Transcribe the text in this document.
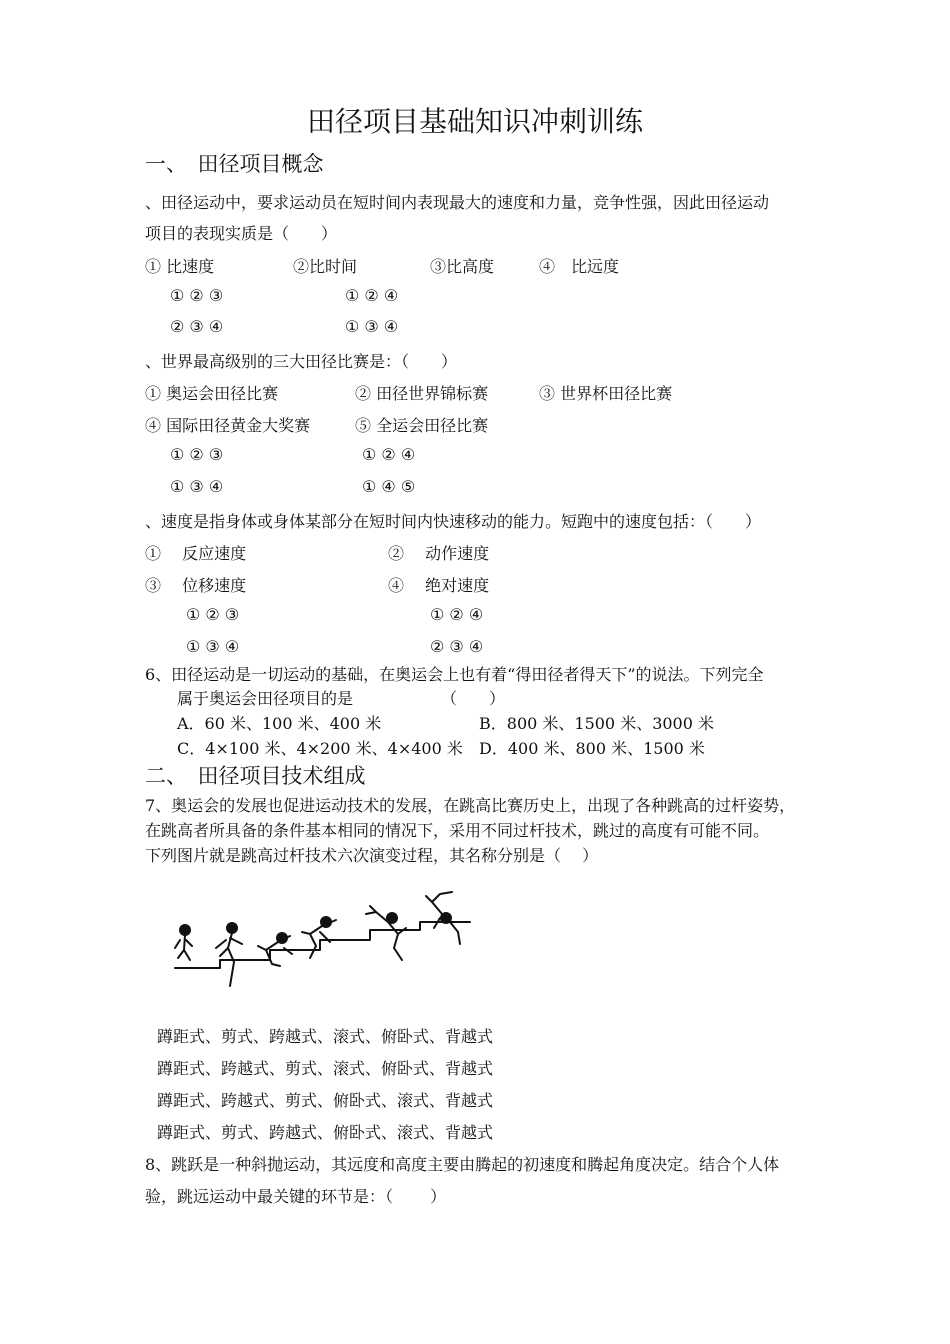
田径项目基础知识冲刺训练
一、　田径项目概念
、田径运动中，要求运动员在短时间内表现最大的速度和力量，竞争性强，因此田径运动
项目的表现实质是（　　）
① 比速度	②比时间	③比高度	④　比远度
① ② ③	① ② ④
② ③ ④	① ③ ④
、世界最高级别的三大田径比赛是：（　　）
① 奥运会田径比赛	② 田径世界锦标赛	③ 世界杯田径比赛
④ 国际田径黄金大奖赛	⑤ 全运会田径比赛
① ② ③	① ② ④
① ③ ④	① ④ ⑤
、速度是指身体或身体某部分在短时间内快速移动的能力。短跑中的速度包括：（　　）
①　 反应速度	②　 动作速度
③　 位移速度	④　 绝对速度
① ② ③	① ② ④
① ③ ④	② ③ ④
6、田径运动是一切运动的基础，在奥运会上也有着“得田径者得天下”的说法。下列完全
属于奥运会田径项目的是　　　　　　（　　）
A．60 米、100 米、400 米	B．800 米、1500 米、3000 米
C．4×100 米、4×200 米、4×400 米 D．400 米、800 米、1500 米
二、　田径项目技术组成
7、奥运会的发展也促进运动技术的发展，在跳高比赛历史上，出现了各种跳高的过杆姿势，
在跳高者所具备的条件基本相同的情况下，采用不同过杆技术，跳过的高度有可能不同。
下列图片就是跳高过杆技术六次演变过程，其名称分别是（　 ）
蹲距式、剪式、跨越式、滚式、俯卧式、背越式
蹲距式、跨越式、剪式、滚式、俯卧式、背越式
蹲距式、跨越式、剪式、俯卧式、滚式、背越式
蹲距式、剪式、跨越式、俯卧式、滚式、背越式
8、跳跃是一种斜抛运动，其远度和高度主要由腾起的初速度和腾起角度决定。结合个人体
验，跳远运动中最关键的环节是：（　　 ）
